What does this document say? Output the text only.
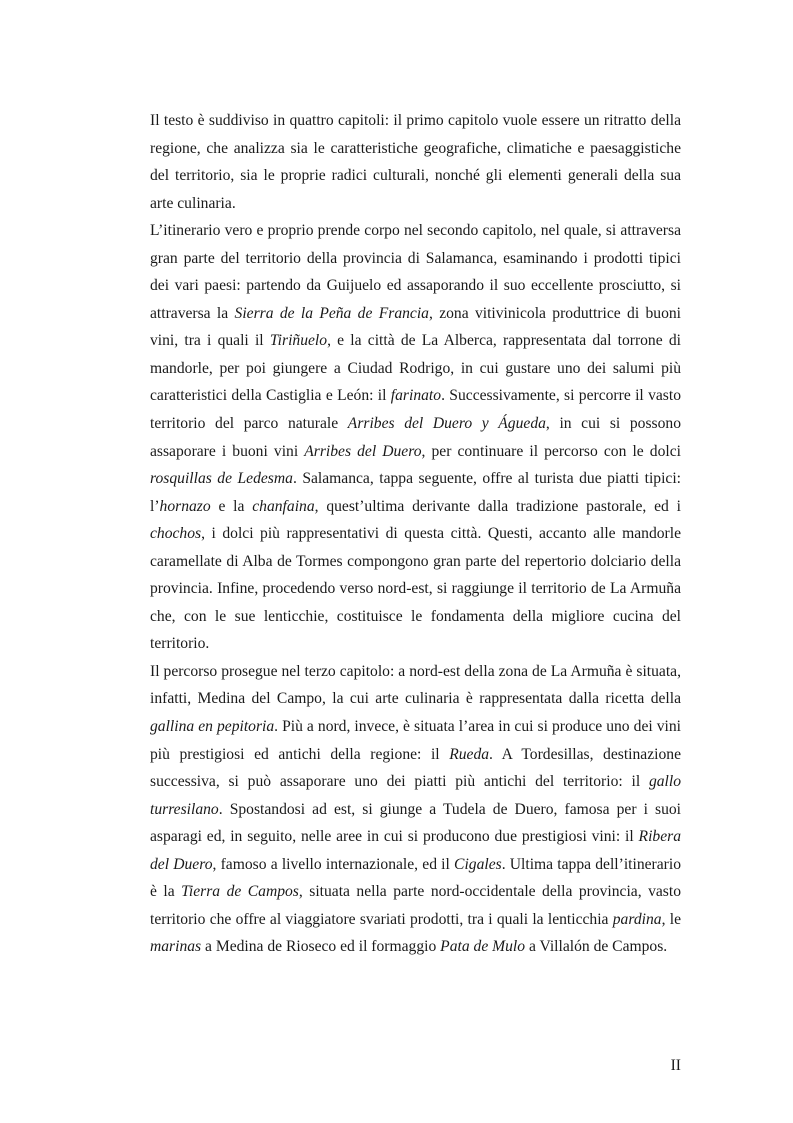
Il testo è suddiviso in quattro capitoli: il primo capitolo vuole essere un ritratto della regione, che analizza sia le caratteristiche geografiche, climatiche e paesaggistiche del territorio, sia le proprie radici culturali, nonché gli elementi generali della sua arte culinaria.

L’itinerario vero e proprio prende corpo nel secondo capitolo, nel quale, si attraversa gran parte del territorio della provincia di Salamanca, esaminando i prodotti tipici dei vari paesi: partendo da Guijuelo ed assaporando il suo eccellente prosciutto, si attraversa la Sierra de la Peña de Francia, zona vitivinicola produttrice di buoni vini, tra i quali il Tiriñuelo, e la città de La Alberca, rappresentata dal torrone di mandorle, per poi giungere a Ciudad Rodrigo, in cui gustare uno dei salumi più caratteristici della Castiglia e León: il farinato. Successivamente, si percorre il vasto territorio del parco naturale Arribes del Duero y Águeda, in cui si possono assaporare i buoni vini Arribes del Duero, per continuare il percorso con le dolci rosquillas de Ledesma. Salamanca, tappa seguente, offre al turista due piatti tipici: l’hornazo e la chanfaina, quest’ultima derivante dalla tradizione pastorale, ed i chochos, i dolci più rappresentativi di questa città. Questi, accanto alle mandorle caramellate di Alba de Tormes compongono gran parte del repertorio dolciario della provincia. Infine, procedendo verso nord-est, si raggiunge il territorio de La Armuña che, con le sue lenticchie, costituisce le fondamenta della migliore cucina del territorio.

Il percorso prosegue nel terzo capitolo: a nord-est della zona de La Armuña è situata, infatti, Medina del Campo, la cui arte culinaria è rappresentata dalla ricetta della gallina en pepitoria. Più a nord, invece, è situata l’area in cui si produce uno dei vini più prestigiosi ed antichi della regione: il Rueda. A Tordesillas, destinazione successiva, si può assaporare uno dei piatti più antichi del territorio: il gallo turresilano. Spostandosi ad est, si giunge a Tudela de Duero, famosa per i suoi asparagi ed, in seguito, nelle aree in cui si producono due prestigiosi vini: il Ribera del Duero, famoso a livello internazionale, ed il Cigales. Ultima tappa dell’itinerario è la Tierra de Campos, situata nella parte nord-occidentale della provincia, vasto territorio che offre al viaggiatore svariati prodotti, tra i quali la lenticchia pardina, le marinas a Medina de Rioseco ed il formaggio Pata de Mulo a Villalón de Campos.

II
